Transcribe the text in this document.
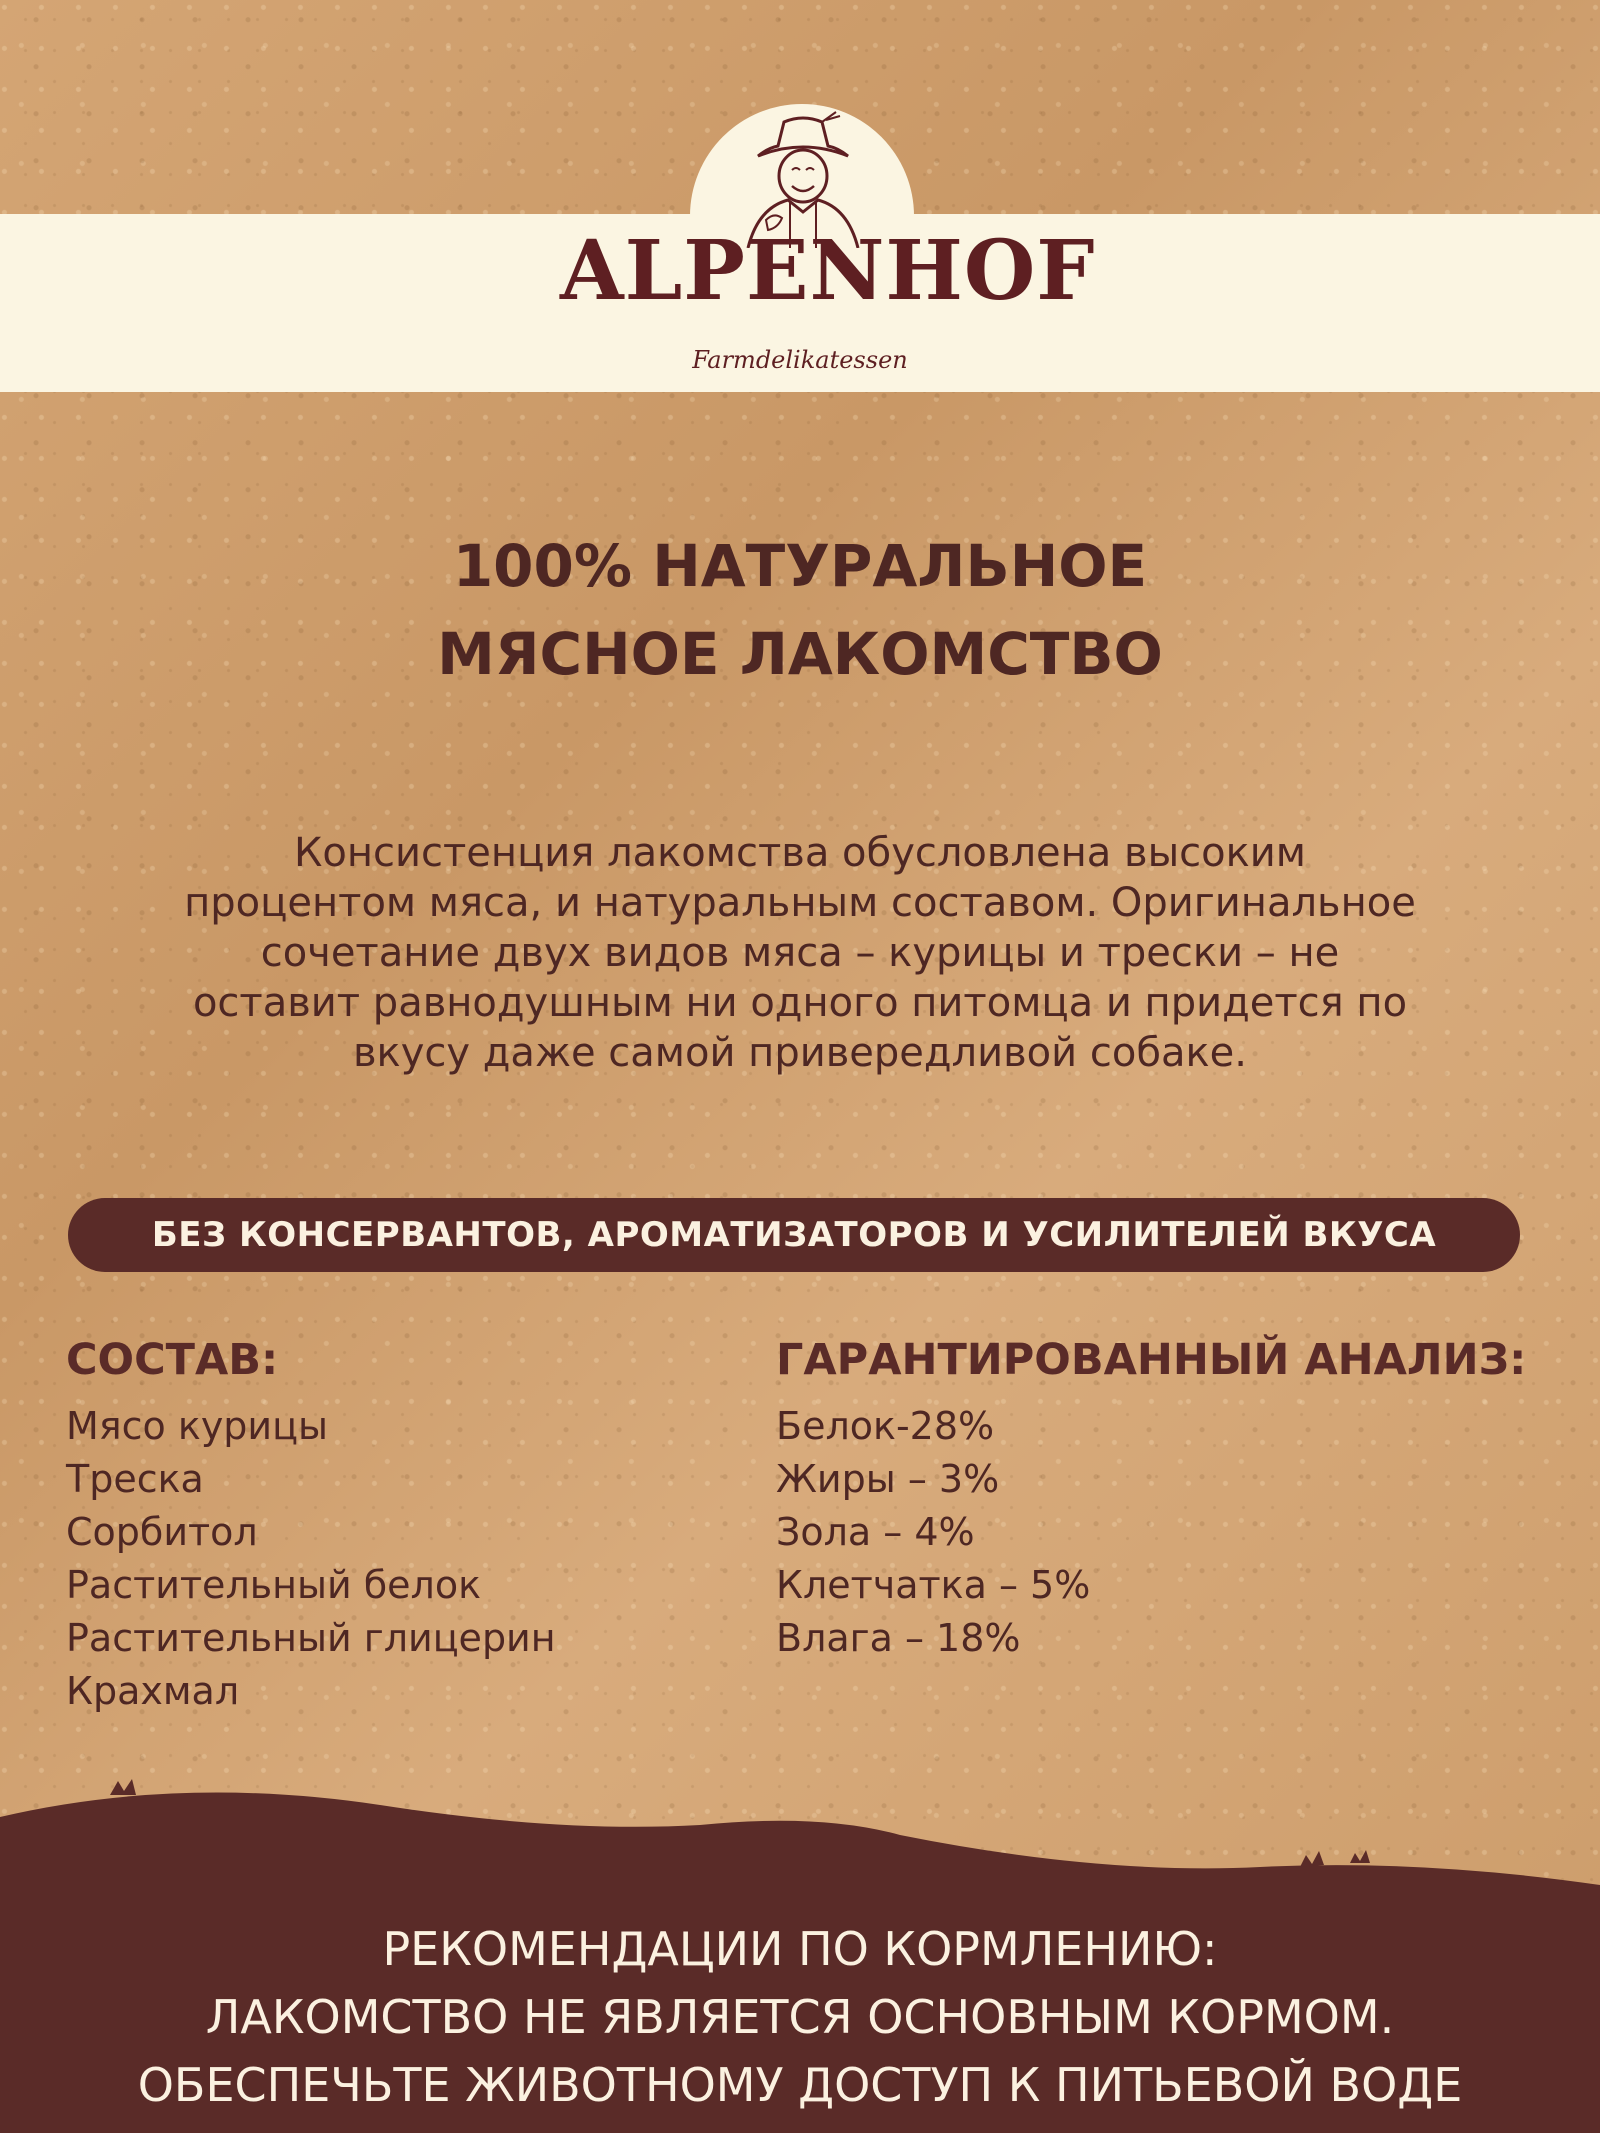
ALPENHOF
Farmdelikatessen
100% НАТУРАЛЬНОЕ
МЯСНОЕ ЛАКОМСТВО
Консистенция лакомства обусловлена высоким
процентом мяса, и натуральным составом. Оригинальное
сочетание двух видов мяса – курицы и трески – не
оставит равнодушным ни одного питомца и придется по
вкусу даже самой привередливой собаке.
БЕЗ КОНСЕРВАНТОВ, АРОМАТИЗАТОРОВ И УСИЛИТЕЛЕЙ ВКУСА
СОСТАВ:
Мясо курицы
Треска
Сорбитол
Растительный белок
Растительный глицерин
Крахмал
ГАРАНТИРОВАННЫЙ АНАЛИЗ:
Белок-28%
Жиры – 3%
Зола – 4%
Клетчатка – 5%
Влага – 18%
РЕКОМЕНДАЦИИ ПО КОРМЛЕНИЮ:
ЛАКОМСТВО НЕ ЯВЛЯЕТСЯ ОСНОВНЫМ КОРМОМ.
ОБЕСПЕЧЬТЕ ЖИВОТНОМУ ДОСТУП К ПИТЬЕВОЙ ВОДЕ
